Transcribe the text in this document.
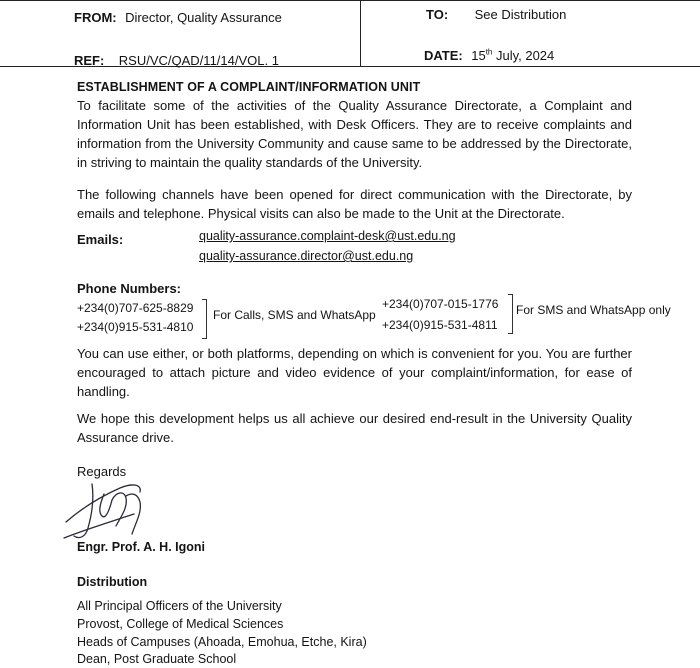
FROM: Director, Quality Assurance	TO: See Distribution
REF: RSU/VC/QAD/11/14/VOL. 1	DATE: 15th July, 2024
ESTABLISHMENT OF A COMPLAINT/INFORMATION UNIT
To facilitate some of the activities of the Quality Assurance Directorate, a Complaint and Information Unit has been established, with Desk Officers. They are to receive complaints and information from the University Community and cause same to be addressed by the Directorate, in striving to maintain the quality standards of the University.
The following channels have been opened for direct communication with the Directorate, by emails and telephone. Physical visits can also be made to the Unit at the Directorate.
Emails:	quality-assurance.complaint-desk@ust.edu.ng
quality-assurance.director@ust.edu.ng
Phone Numbers:
+234(0)707-625-8829
+234(0)915-531-4810
For Calls, SMS and WhatsApp
+234(0)707-015-1776
+234(0)915-531-4811
For SMS and WhatsApp only
You can use either, or both platforms, depending on which is convenient for you. You are further encouraged to attach picture and video evidence of your complaint/information, for ease of handling.
We hope this development helps us all achieve our desired end-result in the University Quality Assurance drive.
Regards
Engr. Prof. A. H. Igoni
Distribution
All Principal Officers of the University
Provost, College of Medical Sciences
Heads of Campuses (Ahoada, Emohua, Etche, Kira)
Dean, Post Graduate School
